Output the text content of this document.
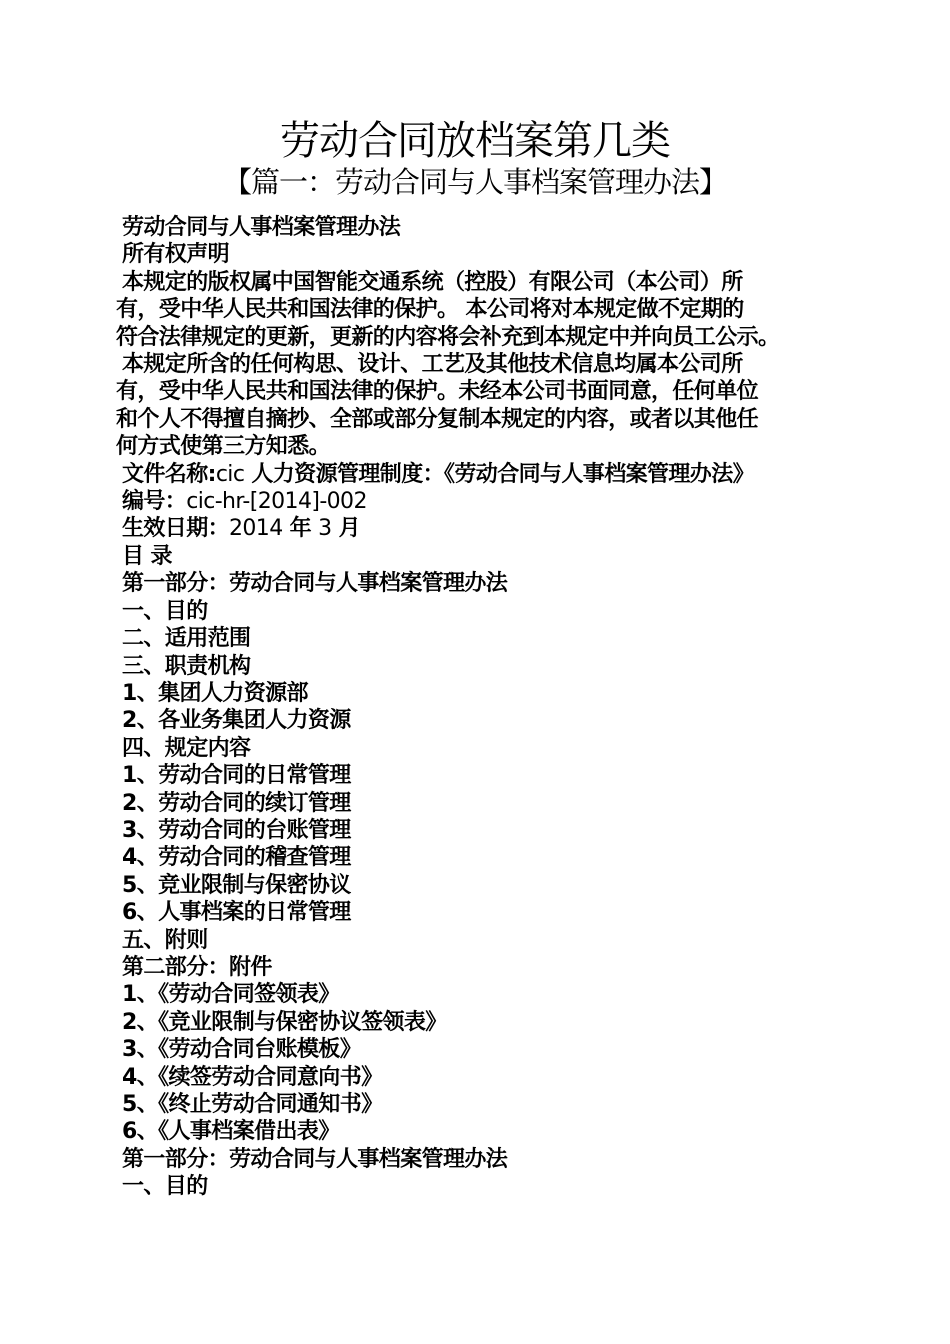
劳动合同放档案第几类
【篇一：劳动合同与人事档案管理办法】
劳动合同与人事档案管理办法
所有权声明
本规定的版权属中国智能交通系统（控股）有限公司（本公司）所
有，受中华人民共和国法律的保护。 本公司将对本规定做不定期的
符合法律规定的更新，更新的内容将会补充到本规定中并向员工公示。
本规定所含的任何构思、设计、工艺及其他技术信息均属本公司所
有，受中华人民共和国法律的保护。未经本公司书面同意，任何单位
和个人不得擅自摘抄、全部或部分复制本规定的内容，或者以其他任
何方式使第三方知悉。
文件名称:cic 人力资源管理制度：《劳动合同与人事档案管理办法》
编号：cic-hr-[2014]-002
生效日期：2014 年 3 月
目 录
第一部分：劳动合同与人事档案管理办法
一、目的
二、适用范围
三、职责机构
1、集团人力资源部
2、各业务集团人力资源
四、规定内容
1、劳动合同的日常管理
2、劳动合同的续订管理
3、劳动合同的台账管理
4、劳动合同的稽查管理
5、竞业限制与保密协议
6、人事档案的日常管理
五、附则
第二部分：附件
1、《劳动合同签领表》
2、《竞业限制与保密协议签领表》
3、《劳动合同台账模板》
4、《续签劳动合同意向书》
5、《终止劳动合同通知书》
6、《人事档案借出表》
第一部分：劳动合同与人事档案管理办法
一、目的
